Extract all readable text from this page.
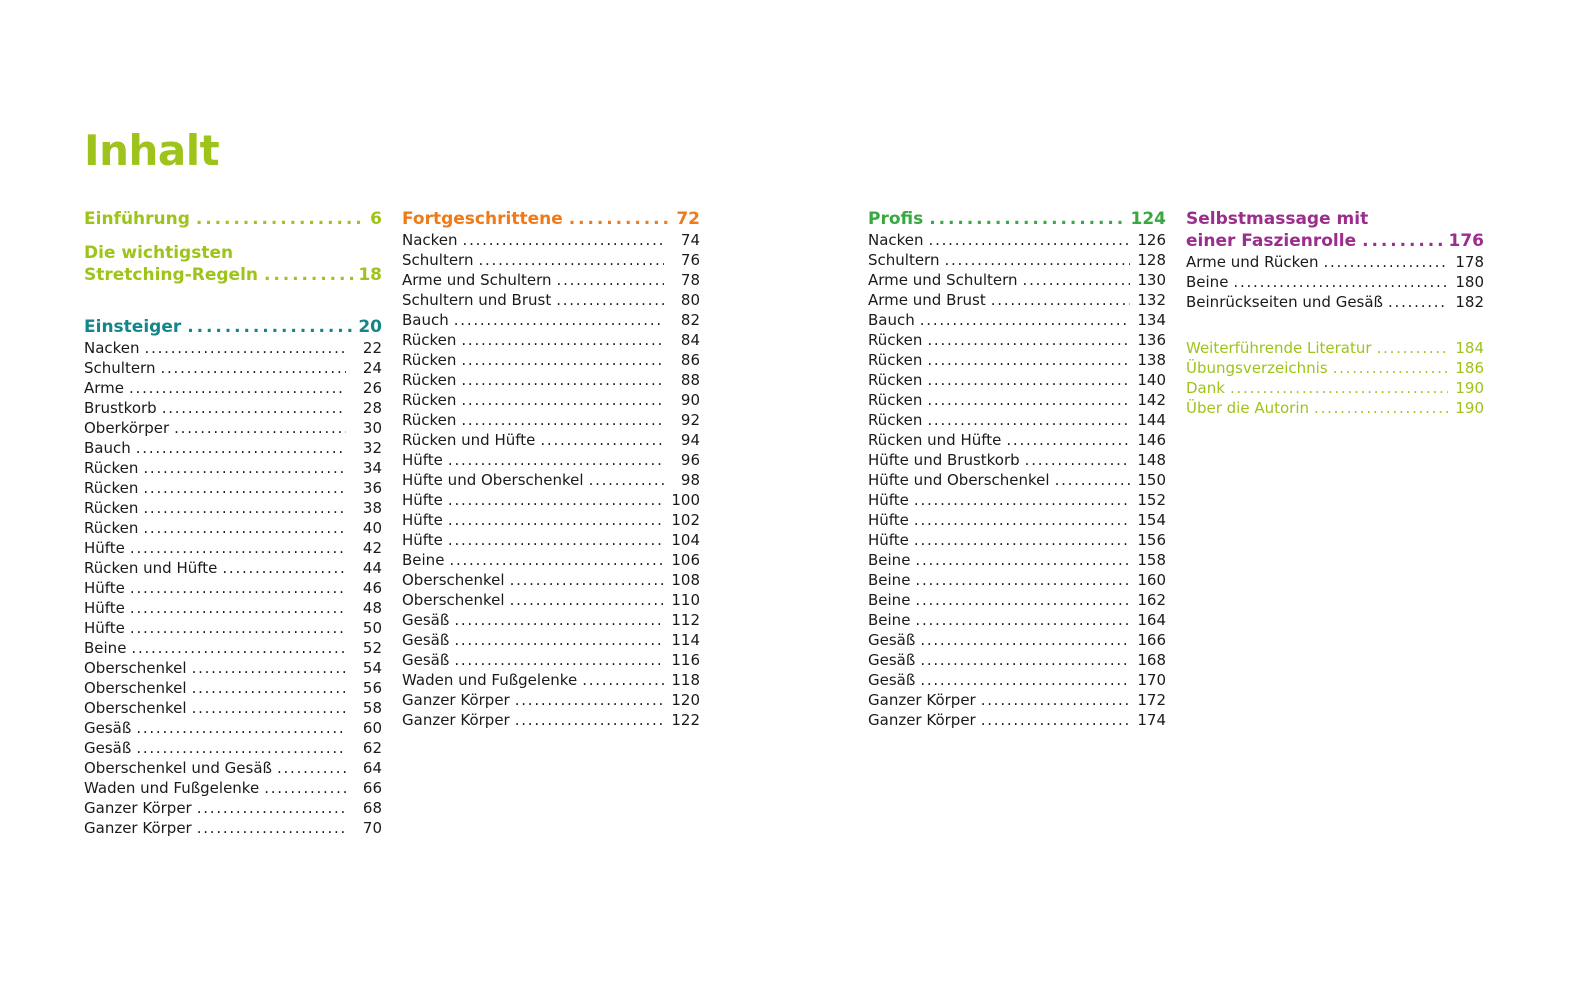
Inhalt
Einführung . . .	6
Die wichtigsten
Stretching-Regeln . . .	18
Einsteiger . . .	20
Nacken . . .	22
Schultern . . .	24
Arme . . .	26
Brustkorb . . .	28
Oberkörper . . .	30
Bauch . . .	32
Rücken . . .	34
Rücken . . .	36
Rücken . . .	38
Rücken . . .	40
Hüfte . . .	42
Rücken und Hüfte . . .	44
Hüfte . . .	46
Hüfte . . .	48
Hüfte . . .	50
Beine . . .	52
Oberschenkel . . .	54
Oberschenkel . . .	56
Oberschenkel . . .	58
Gesäß . . .	60
Gesäß . . .	62
Oberschenkel und Gesäß . . .	64
Waden und Fußgelenke . . .	66
Ganzer Körper . . .	68
Ganzer Körper . . .	70
Fortgeschrittene . . .	72
Nacken . . .	74
Schultern . . .	76
Arme und Schultern . . .	78
Schultern und Brust . . .	80
Bauch . . .	82
Rücken . . .	84
Rücken . . .	86
Rücken . . .	88
Rücken . . .	90
Rücken . . .	92
Rücken und Hüfte . . .	94
Hüfte . . .	96
Hüfte und Oberschenkel . . .	98
Hüfte . . .	100
Hüfte . . .	102
Hüfte . . .	104
Beine . . .	106
Oberschenkel . . .	108
Oberschenkel . . .	110
Gesäß . . .	112
Gesäß . . .	114
Gesäß . . .	116
Waden und Fußgelenke . . .	118
Ganzer Körper . . .	120
Ganzer Körper . . .	122
Profis . . .	124
Nacken . . .	126
Schultern . . .	128
Arme und Schultern . . .	130
Arme und Brust . . .	132
Bauch . . .	134
Rücken . . .	136
Rücken . . .	138
Rücken . . .	140
Rücken . . .	142
Rücken . . .	144
Rücken und Hüfte . . .	146
Hüfte und Brustkorb . . .	148
Hüfte und Oberschenkel . . .	150
Hüfte . . .	152
Hüfte . . .	154
Hüfte . . .	156
Beine . . .	158
Beine . . .	160
Beine . . .	162
Beine . . .	164
Gesäß . . .	166
Gesäß . . .	168
Gesäß . . .	170
Ganzer Körper . . .	172
Ganzer Körper . . .	174
Selbstmassage mit
einer Faszienrolle . . .	176
Arme und Rücken . . .	178
Beine . . .	180
Beinrückseiten und Gesäß . . .	182
Weiterführende Literatur . . .	184
Übungsverzeichnis . . .	186
Dank . . .	190
Über die Autorin . . .	190
